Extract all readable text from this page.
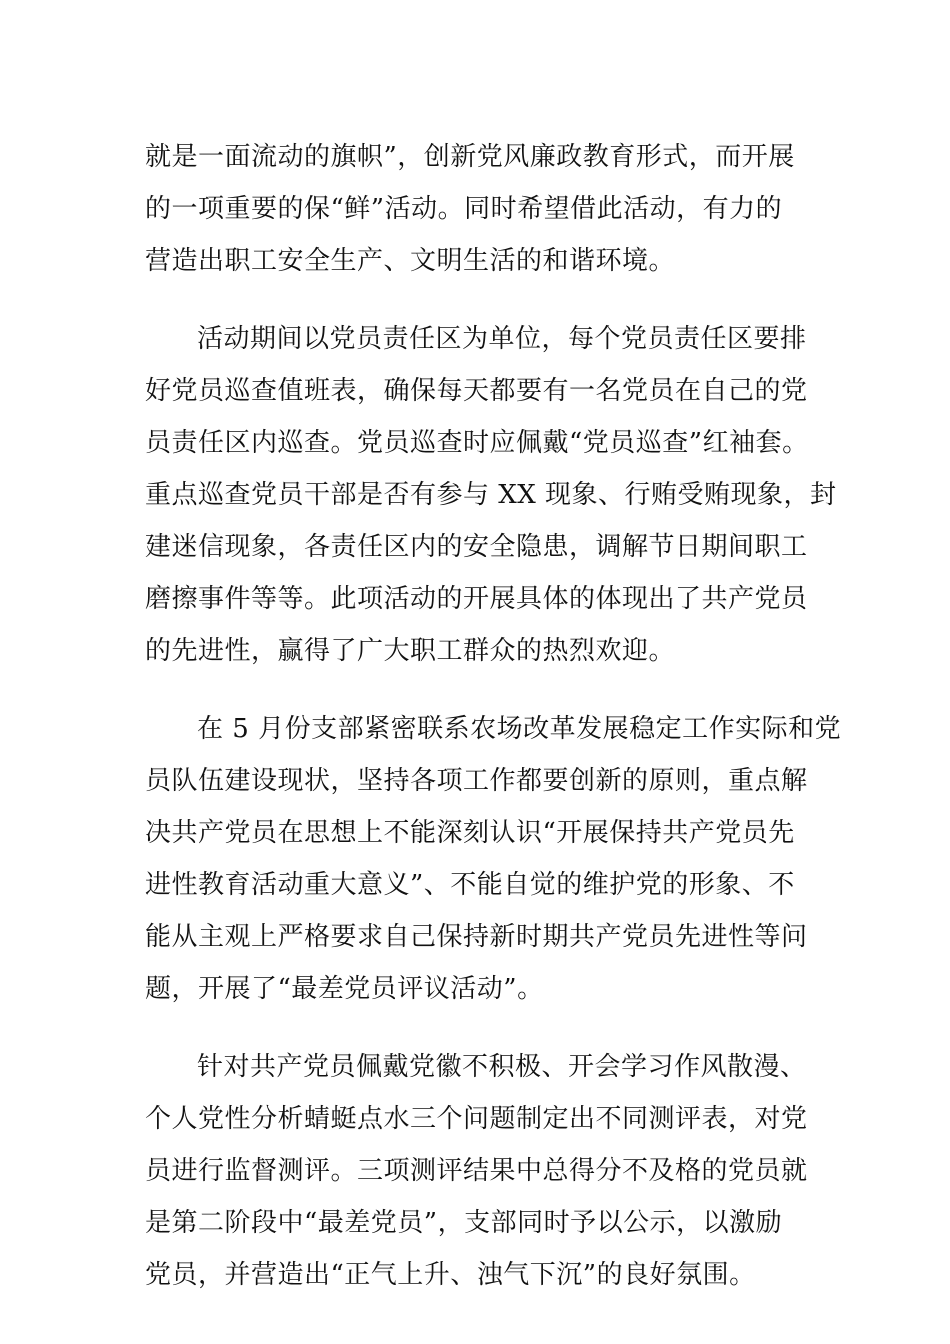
就是一面流动的旗帜”，创新党风廉政教育形式，而开展
的一项重要的保“鲜”活动。同时希望借此活动，有力的
营造出职工安全生产、文明生活的和谐环境。
活动期间以党员责任区为单位，每个党员责任区要排
好党员巡查值班表，确保每天都要有一名党员在自己的党
员责任区内巡查。党员巡查时应佩戴“党员巡查”红袖套。
重点巡查党员干部是否有参与 XX 现象、行贿受贿现象，封
建迷信现象，各责任区内的安全隐患，调解节日期间职工
磨擦事件等等。此项活动的开展具体的体现出了共产党员
的先进性，赢得了广大职工群众的热烈欢迎。
在 5 月份支部紧密联系农场改革发展稳定工作实际和党
员队伍建设现状，坚持各项工作都要创新的原则，重点解
决共产党员在思想上不能深刻认识“开展保持共产党员先
进性教育活动重大意义”、不能自觉的维护党的形象、不
能从主观上严格要求自己保持新时期共产党员先进性等问
题，开展了“最差党员评议活动”。
针对共产党员佩戴党徽不积极、开会学习作风散漫、
个人党性分析蜻蜓点水三个问题制定出不同测评表，对党
员进行监督测评。三项测评结果中总得分不及格的党员就
是第二阶段中“最差党员”，支部同时予以公示，以激励
党员，并营造出“正气上升、浊气下沉”的良好氛围。
